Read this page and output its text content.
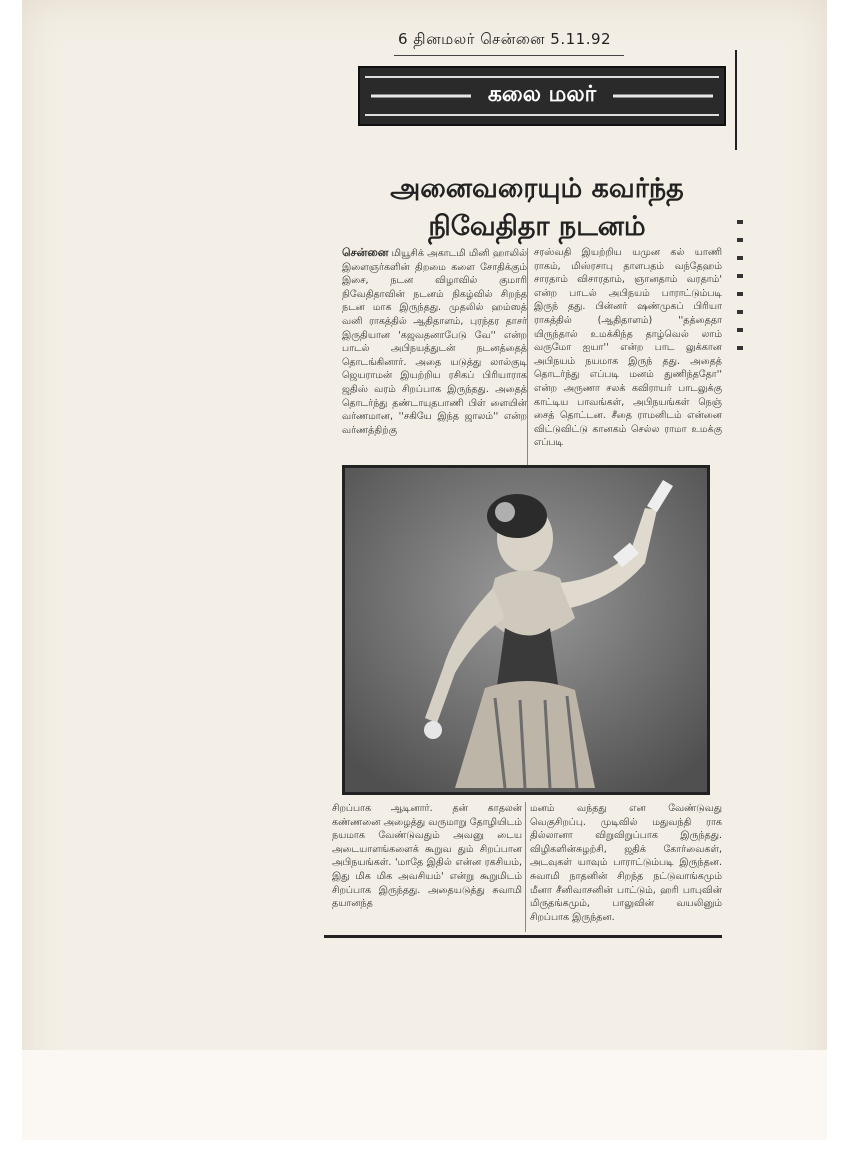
6 தினமலர் சென்னை 5.11.92
கலை மலர்
அனைவரையும் கவர்ந்த
நிவேதிதா நடனம்
சென்னை மியூசிக் அகாடமி மினி ஹாலில் இளைஞர்களின் திறமை களை சோதிக்கும் இசை, நடன விழாவில் குமாரி நிவேதிதாவின் நடனம் நிகழ்வில் சிறந்த நடன மாக இருந்தது. முதலில் ஹம்ஸத் வனி ராகத்தில் ஆதிதாளம், புரந்தர தாசர் இருதியான 'கஜவதனாபேடு வே'' என்ற பாடல் அபிநயத்துடன் நடனத்தைத் தொடங்கினார். அதை யடுத்து லால்குடி ஜெயராமன் இயற்றிய ரசிகப் பிரியாராக ஜதிஸ் வரம் சிறப்பாக இருந்தது. அதைத் தொடர்ந்து தண்டாயுதபாணி பிள் ளையின் வர்ணமான, ''சகியே இந்த ஜாலம்'' என்ற வர்ணத்திற்கு
சரஸ்வதி இயற்றிய யமுன கல் யாணி ராகம், மிஸ்ரசாபு தாளபதம் வந்தேஹம் சாரதாம் விசாரதாம், ஞானதாம் வரதாம்' என்ற பாடல் அபிநயம் பாராட்டும்படி இருந் தது. பின்னர் ஷண்முகப் பிரியா ராகத்தில் (ஆதிதாளம்) ''தத்தைதா யிருந்தால் உமக்கிந்த தாழ்வெல் லாம் வருமோ ஐயா'' என்ற பாட லுக்கான அபிநயம் நயமாக இருந் தது. அதைத் தொடர்ந்து எப்படி மனம் துணிந்ததோ'' என்ற அருணா சலக் கவிராயர் பாடலுக்கு காட்டிய பாவங்கள், அபிநயங்கள் நெஞ் சைத் தொட்டன. சீதை ராமனிடம் என்னை விட்டுவிட்டு கானகம் செல்ல ராமா உமக்கு எப்படி
சிறப்பாக ஆடினார். தன் காதலன் கண்ணனை அழைத்து வருமாறு தோழியிடம் நயமாக வேண்டுவதும் அவனு டைய அடையாளங்களைக் கூறுவ தும் சிறப்பான அபிநயங்கள். 'மாதே இதில் என்ன ரகசியம், இது மிக மிக அவசியம்' என்று கூறுமிடம் சிறப்பாக இருந்தது. அதையடுத்து சுவாமி தயானந்த
மனம் வந்தது என வேண்டுவது வெகுசிறப்பு. முடிவில் மதுவந்தி ராக தில்லானா விறுவிறுப்பாக இருந்தது. விழிகளின்சுழற்சி, ஜதிக் கோர்வைகள், அடவுகள் யாவும் பாராட்டும்படி இருந்தன. சுவாமி நாதனின் சிறந்த நட்டுவாங்கமும் மீனா சீனிவாசனின் பாட்டும், ஹரி பாபுவின் மிருதங்கமும், பாலுவின் வயலினும் சிறப்பாக இருந்தன.
